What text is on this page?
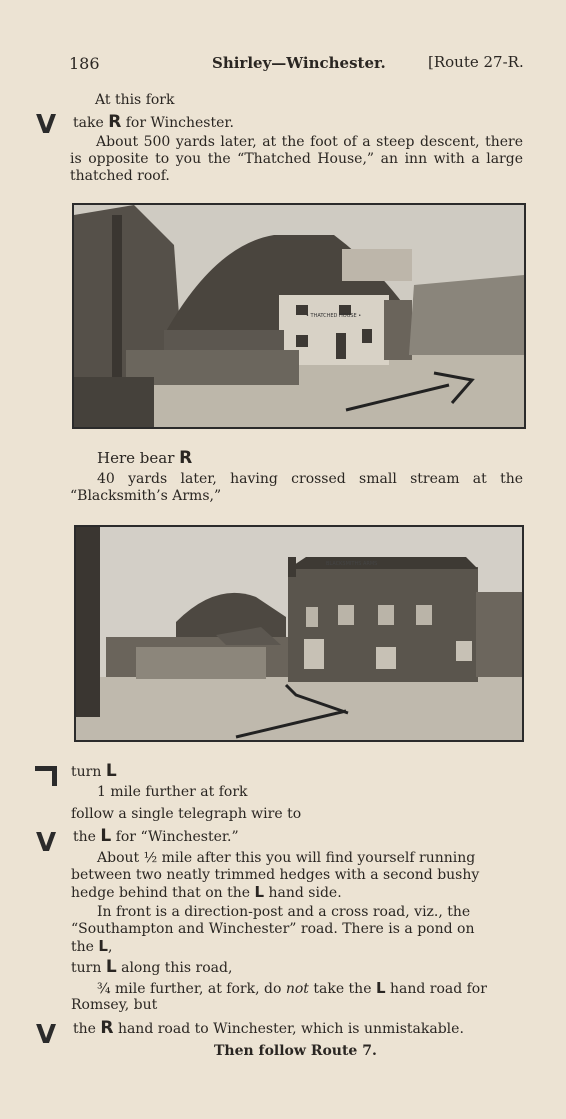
186	Shirley—Winchester.	[Route 27-R.
At this fork
V take R for Winchester.
About 500 yards later, at the foot of a steep descent, there is opposite to you the “Thatched House,” an inn with a large thatched roof.
• THATCHED HOUSE •
Here bear R
40 yards later, having crossed small stream at the “Blacksmith’s Arms,”
BLACKSMITHS ARMS
turn L
1 mile further at fork
follow a single telegraph wire to
V the L for “Winchester.”
About ½ mile after this you will find yourself running
between two neatly trimmed hedges with a second bushy
hedge behind that on the L hand side.
In front is a direction-post and a cross road, viz., the
“Southampton and Winchester” road. There is a pond on
the L,
turn L along this road,
¾ mile further, at fork, do not take the L hand road for
Romsey, but
V the R hand road to Winchester, which is unmistakable.
Then follow Route 7.
